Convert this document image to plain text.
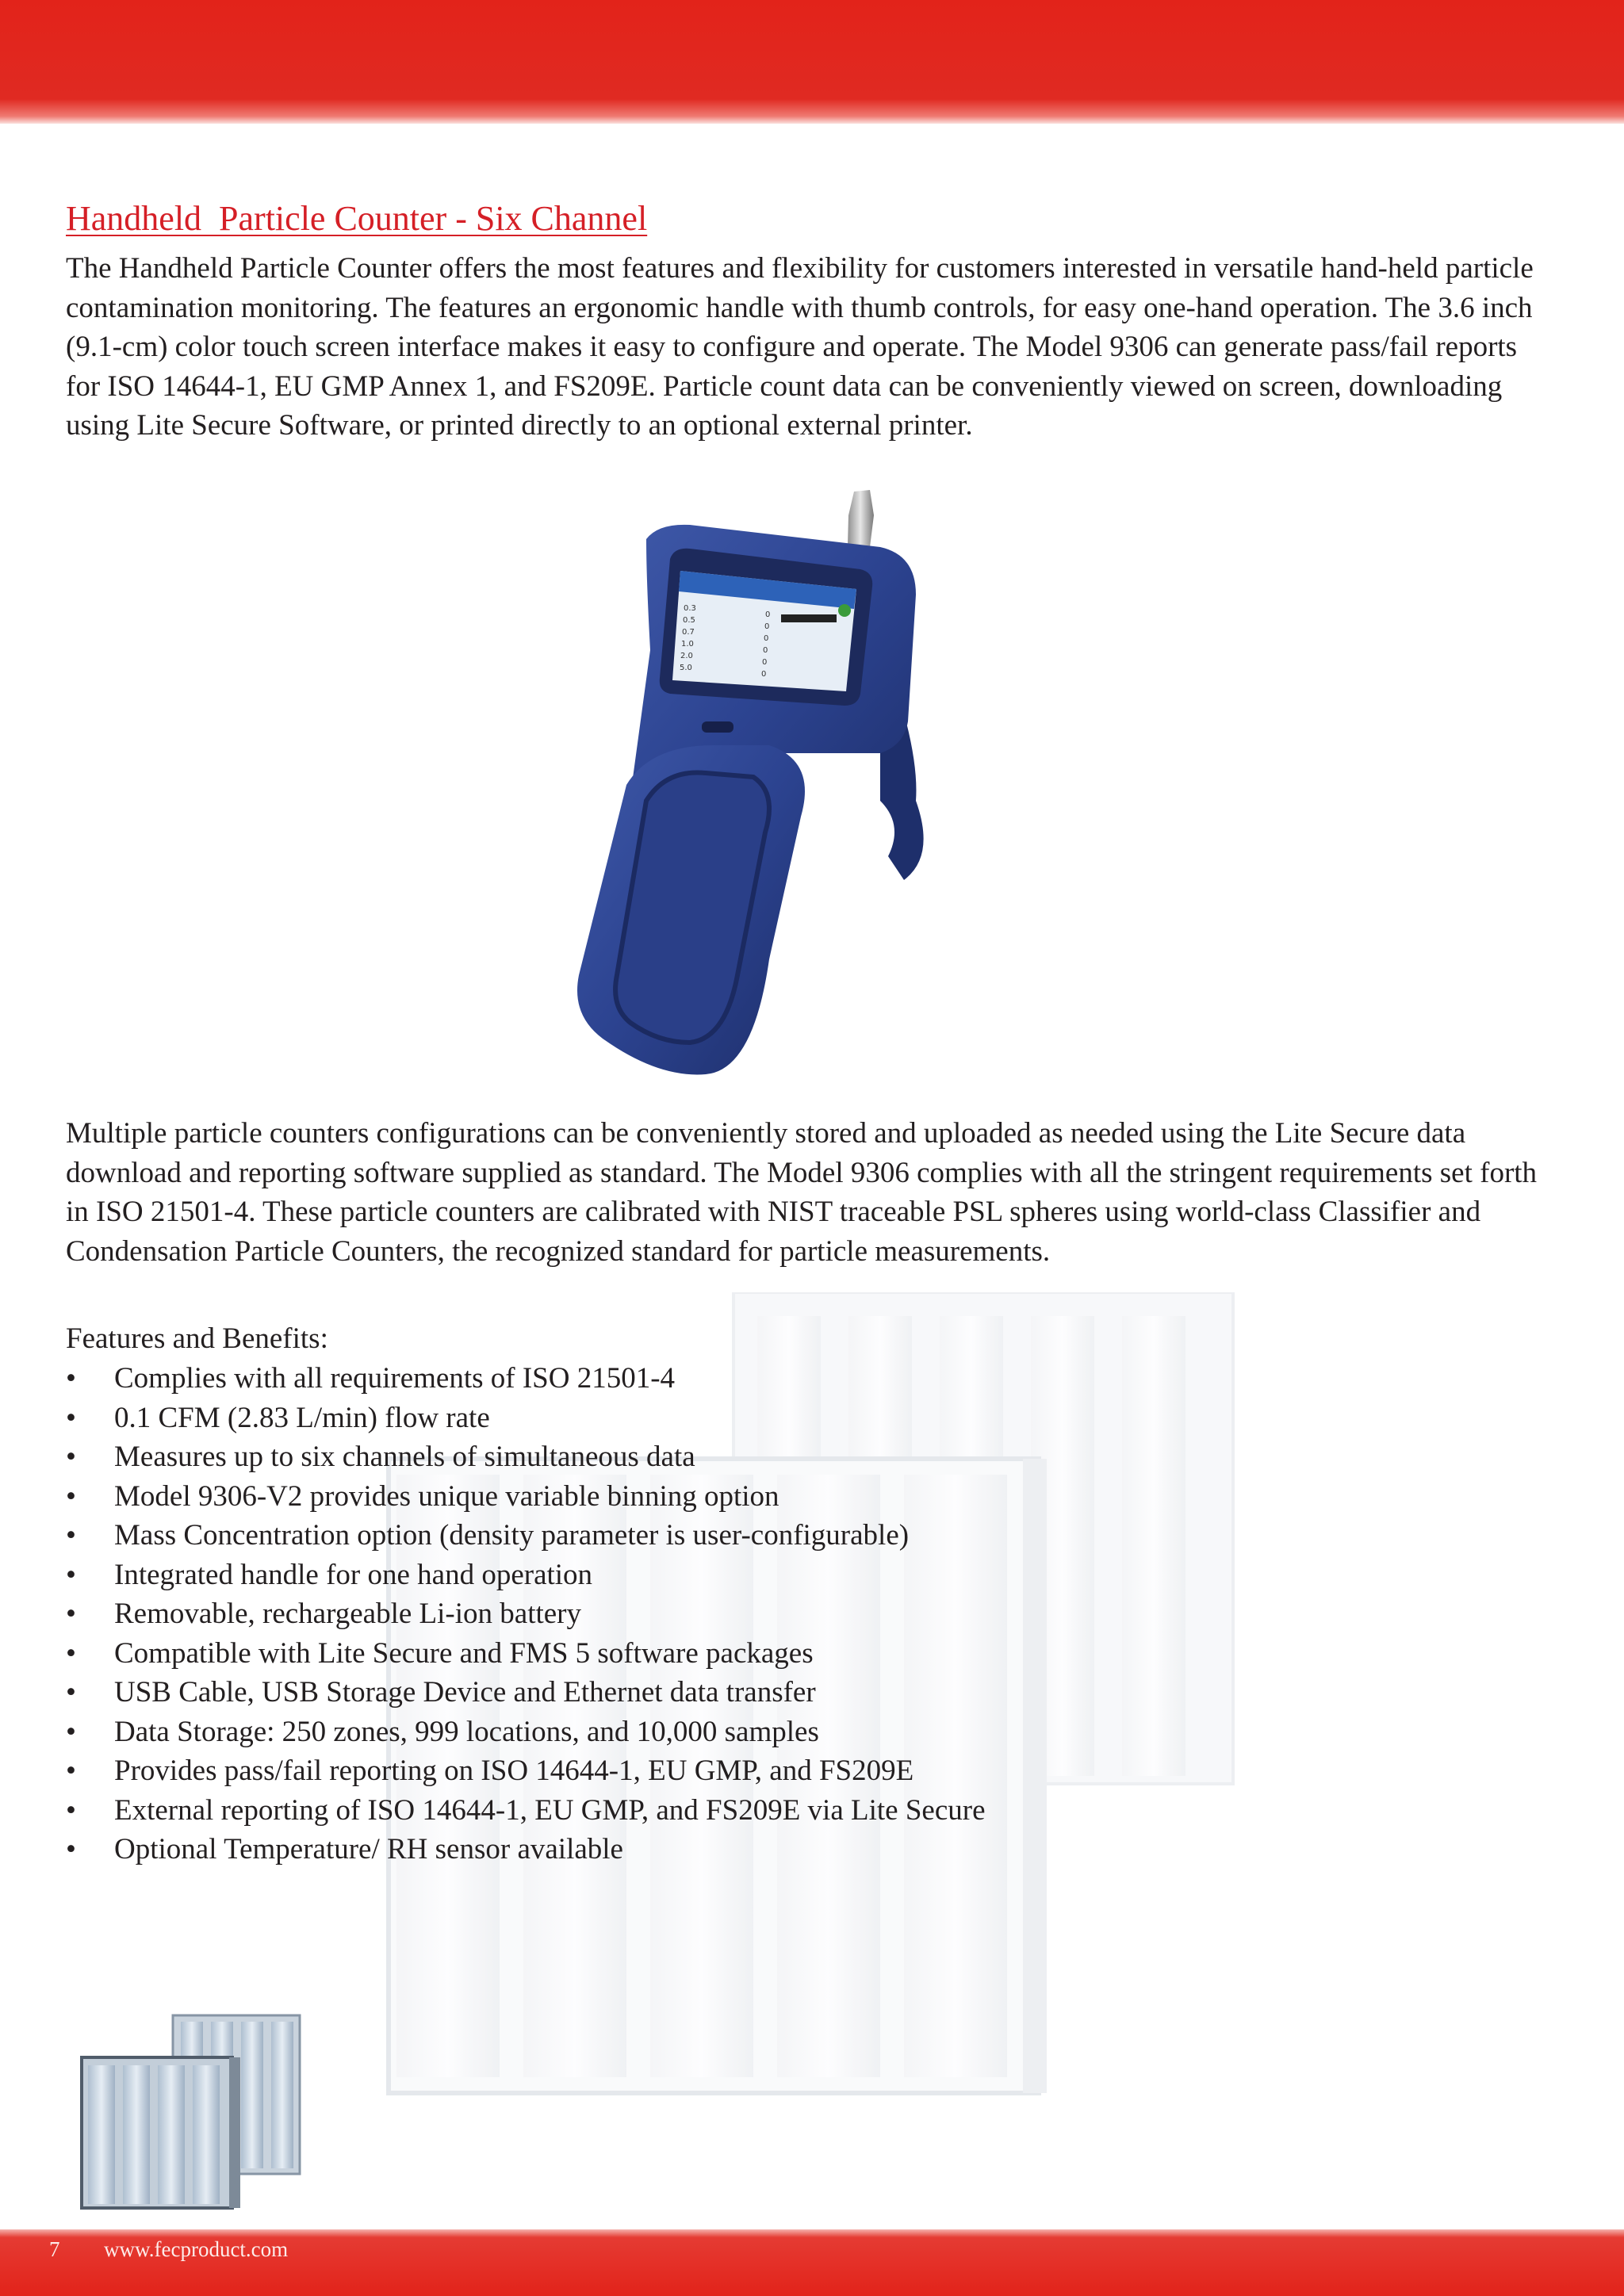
Handheld  Particle Counter - Six Channel

The Handheld Particle Counter offers the most features and flexibility for customers interested in versatile hand-held particle contamination monitoring. The features an ergonomic handle with thumb controls, for easy one-hand operation. The 3.6 inch (9.1-cm) color touch screen interface makes it easy to configure and operate. The Model 9306 can generate pass/fail reports for ISO 14644-1, EU GMP Annex 1, and FS209E. Particle count data can be conveniently viewed on screen, downloading using Lite Secure Software, or printed directly to an optional external printer.

0.3
0.5
0.7
1.0
2.0
5.0
0
0
0
0
0
0

Multiple particle counters configurations can be conveniently stored and uploaded as needed using the Lite Secure data download and reporting software supplied as standard. The Model 9306 complies with all the stringent requirements set forth in ISO 21501-4. These particle counters are calibrated with NIST traceable PSL spheres using world-class Classifier and Condensation Particle Counters, the recognized standard for particle measurements.

Features and Benefits:

• Complies with all requirements of ISO 21501-4
• 0.1 CFM (2.83 L/min) flow rate
• Measures up to six channels of simultaneous data
• Model 9306-V2 provides unique variable binning option
• Mass Concentration option (density parameter is user-configurable)
• Integrated handle for one hand operation
• Removable, rechargeable Li-ion battery
• Compatible with Lite Secure and FMS 5 software packages
• USB Cable, USB Storage Device and Ethernet data transfer
• Data Storage: 250 zones, 999 locations, and 10,000 samples
• Provides pass/fail reporting on ISO 14644-1, EU GMP, and FS209E
• External reporting of ISO 14644-1, EU GMP, and FS209E via Lite Secure
• Optional Temperature/ RH sensor available
7 www.fecproduct.com
